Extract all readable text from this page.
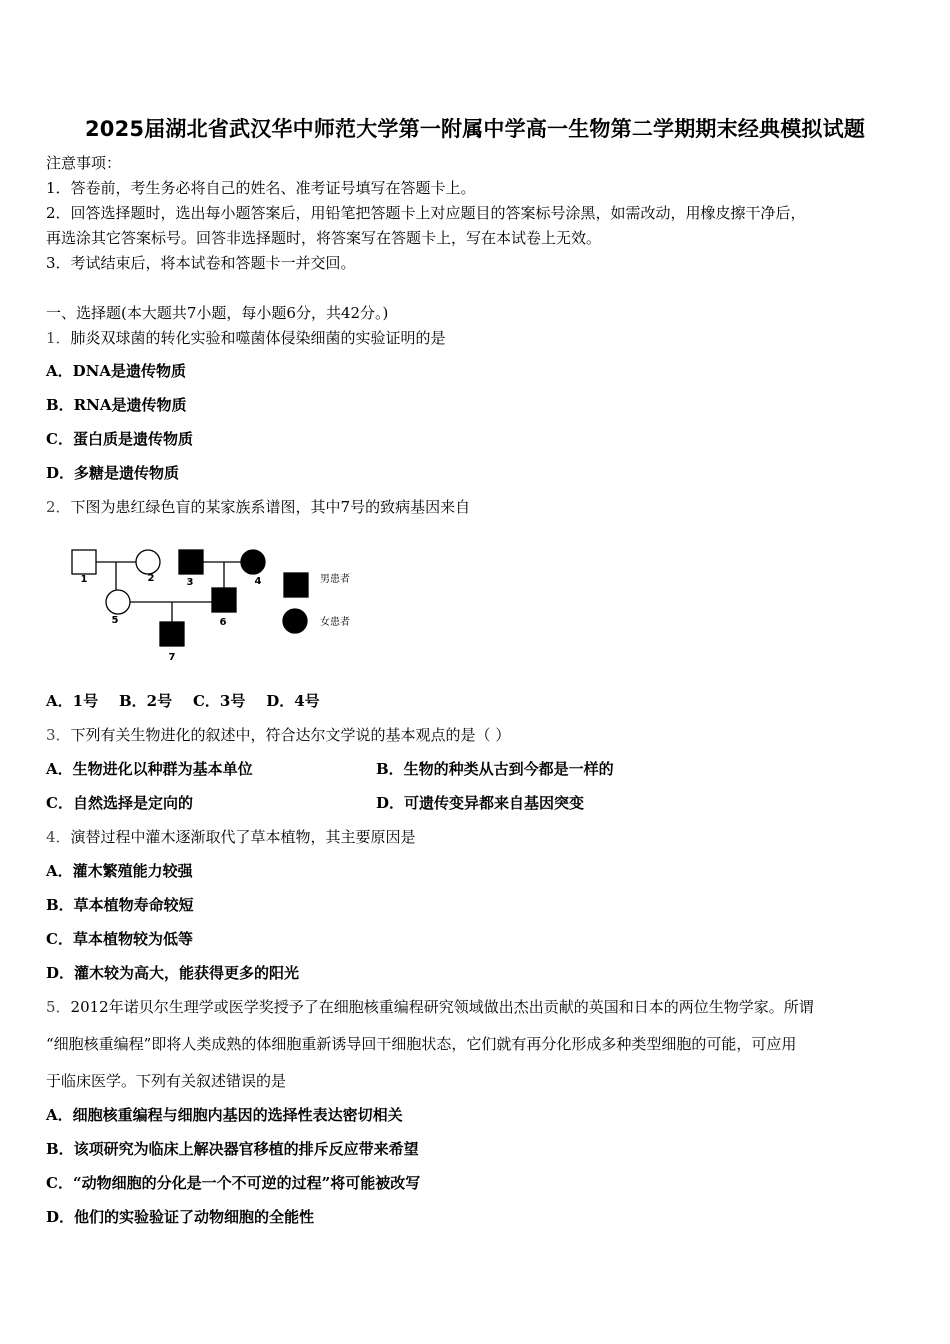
2025届湖北省武汉华中师范大学第一附属中学高一生物第二学期期末经典模拟试题
注意事项：
1．答卷前，考生务必将自己的姓名、准考证号填写在答题卡上。
2．回答选择题时，选出每小题答案后，用铅笔把答题卡上对应题目的答案标号涂黑，如需改动，用橡皮擦干净后，
再选涂其它答案标号。回答非选择题时，将答案写在答题卡上，写在本试卷上无效。
3．考试结束后，将本试卷和答题卡一并交回。
一、选择题(本大题共7小题，每小题6分，共42分。)
1．肺炎双球菌的转化实验和噬菌体侵染细菌的实验证明的是
A．DNA是遗传物质
B．RNA是遗传物质
C．蛋白质是遗传物质
D．多糖是遗传物质
2．下图为患红绿色盲的某家族系谱图，其中7号的致病基因来自
1	2	3	4
5	6
7
男患者
女患者
A．1号    B．2号    C．3号    D．4号
3．下列有关生物进化的叙述中，符合达尔文学说的基本观点的是（ ）
A．生物进化以种群为基本单位	B．生物的种类从古到今都是一样的
C．自然选择是定向的	D．可遗传变异都来自基因突变
4．演替过程中灌木逐渐取代了草本植物，其主要原因是
A．灌木繁殖能力较强
B．草本植物寿命较短
C．草本植物较为低等
D．灌木较为高大，能获得更多的阳光
5．2012年诺贝尔生理学或医学奖授予了在细胞核重编程研究领域做出杰出贡献的英国和日本的两位生物学家。所谓
“细胞核重编程”即将人类成熟的体细胞重新诱导回干细胞状态，它们就有再分化形成多种类型细胞的可能，可应用
于临床医学。下列有关叙述错误的是
A．细胞核重编程与细胞内基因的选择性表达密切相关
B．该项研究为临床上解决器官移植的排斥反应带来希望
C．“动物细胞的分化是一个不可逆的过程”将可能被改写
D．他们的实验验证了动物细胞的全能性
